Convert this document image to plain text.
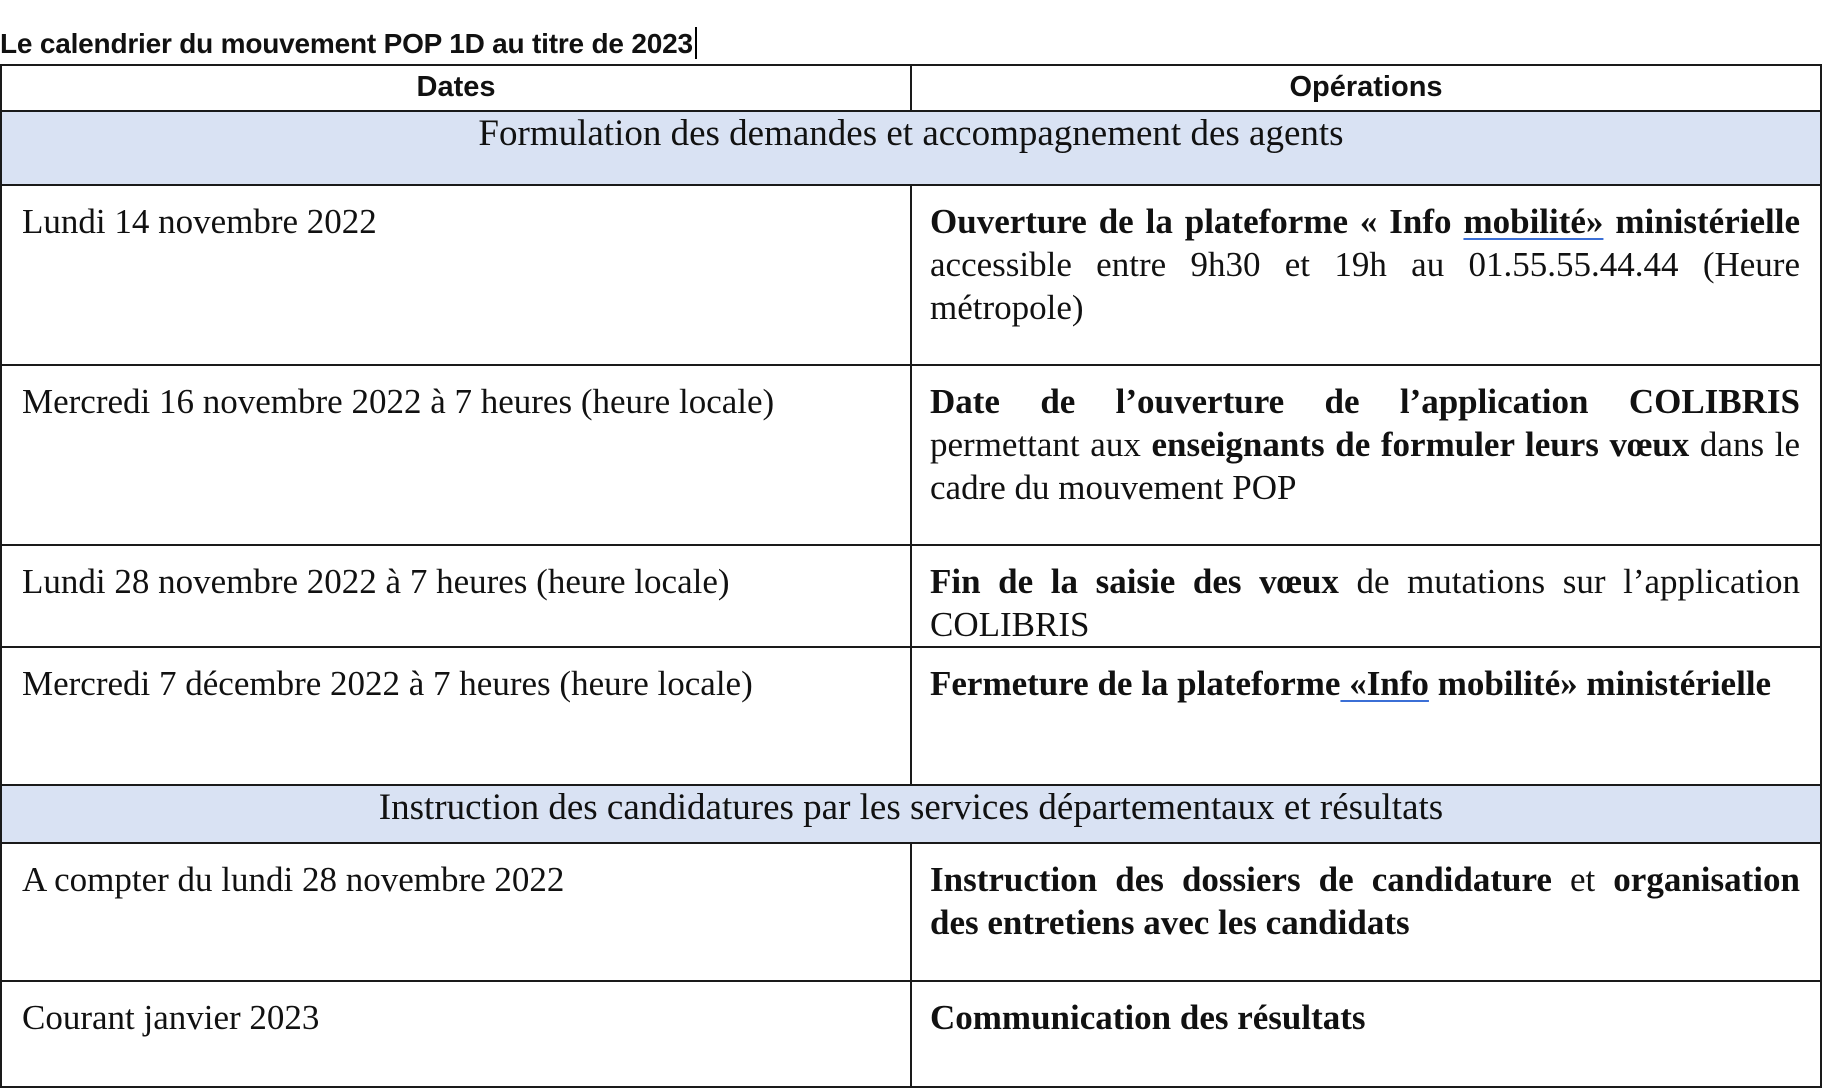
Le calendrier du mouvement POP 1D au titre de 2023
Dates	Opérations
Formulation des demandes et accompagnement des agents	
Lundi 14 novembre 2022	Ouverture de la plateforme « Info mobilité» ministérielle accessible entre 9h30 et 19h au 01.55.55.44.44 (Heure métropole)
Mercredi 16 novembre 2022 à 7 heures (heure locale)	Date de l’ouverture de l’application COLIBRIS permettant aux enseignants de formuler leurs vœux dans le cadre du mouvement POP
Lundi 28 novembre 2022 à 7 heures (heure locale)	Fin de la saisie des vœux de mutations sur l’application COLIBRIS
Mercredi 7 décembre 2022 à 7 heures (heure locale)	Fermeture de la plateforme «Info mobilité» ministérielle
Instruction des candidatures par les services départementaux et résultats	
A compter du lundi 28 novembre 2022	Instruction des dossiers de candidature et organisation des entretiens avec les candidats
Courant janvier 2023	Communication des résultats
